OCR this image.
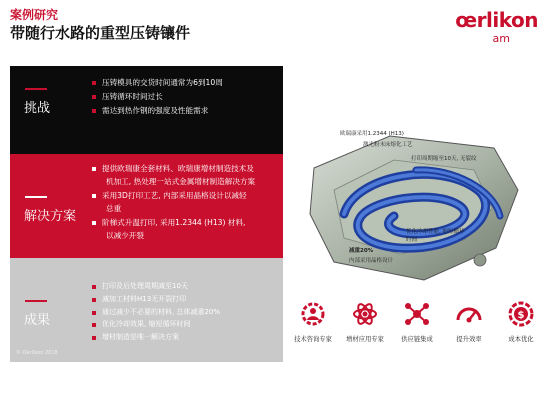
案例研究
带随行水路的重型压铸镶件
œrlikon
am
挑战
压铸模具的交货时间通常为6到10周
压铸循环时间过长
需达到热作钢的强度及性能需求
解决方案
提供欧瑞康全套材料、欧瑞康增材制造技术及
机加工, 热处理一站式金属增材制造解决方案
采用3D打印工艺, 内部采用晶格设计以减轻
总重
阶梯式升温打印, 采用1.2344 (H13) 材料,
以减少开裂
成果
打印及后处理周期减至10天
减加工材料H13无开裂打印
通过减少不必要的材料, 总体减重20%
优化冷却效果, 缩短循环时间
增材制造是唯一解决方案
© Oerlikon 2018
欧瑞康采用1.2344 (H13)
激光粉末床熔化工艺
打印周期缩至10天, 无裂纹
优化冷却性能, 缩短循环时间
减重20%
内部采用晶格设计
技术咨询专家	增材应用专家	供应链集成	提升效率
$
成本优化
